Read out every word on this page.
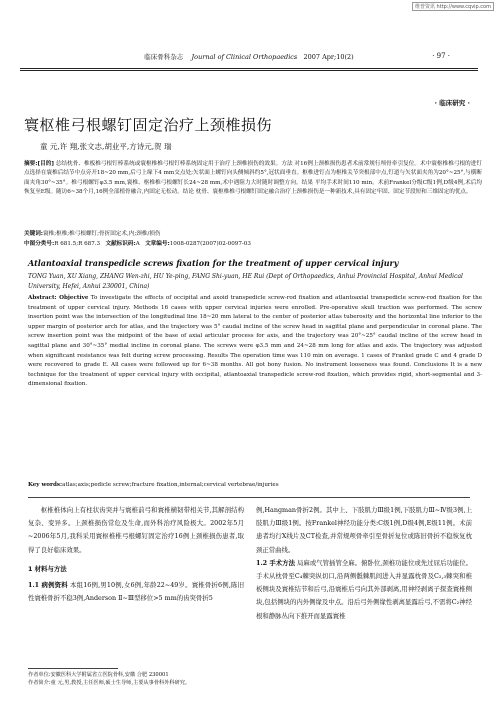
维普资讯 http://www.cqvip.com
临床骨科杂志 Journal of Clinical Orthopaedics 2007 Apr;10(2)	· 97 ·
· 临床研究 ·
寰枢椎弓根螺钉固定治疗上颈椎损伤
童 元,许 翔,张文志,胡业平,方诗元,贺 瑞
摘要:[目的] 总结枕骨、椎板椎弓根钉棒系统或寰枢椎椎弓根钉棒系统固定用于治疗上颈椎损伤的效果。方法 对16例上颈椎损伤患者术前常规行颅骨牵引复位。术中寰枢椎椎弓根的进钉点选择在寰椎后结节中点旁开18~20 mm,后弓上缘下4 mm交点处;矢状面上螺钉向头侧倾斜约5°,冠状面垂直。枢椎进钉点为枢椎关节突根部中点,钉道与矢状面夹角为20°~25°,与横断面夹角30°~35°。椎弓根螺钉φ3.5 mm,寰椎、枢椎椎弓根螺钉长24~28 mm,术中遇阻力大时随时调整方向。结果 平均手术时间110 min。术前Frankel分级C级1例,D级4例,术后均恢复至E级。随访6~38个月,16例全部植骨融合,内固定无松动。结论 枕骨、寰枢椎椎弓根螺钉固定融合治疗上颈椎损伤是一种新技术,具有固定牢固、固定节段短和三维固定的优点。
关键词:寰椎;枢椎;椎弓根螺钉;骨折固定术,内;颈椎/损伤
中图分类号:R 681.5;R 687.3 文献标识码:A 文章编号:1008-0287(2007)02-0097-03
Atlantoaxial transpedicle screws fixation for the treatment of upper cervical injury
TONG Yuan, XU Xiang, ZHANG Wen-zhi, HU Ye-ping, FANG Shi-yuan, HE Rui (Dept of Orthopaedics, Anhui Provincial Hospital, Anhui Medical University, Hefei, Anhui 230001, China)
Abstract: Objective To investigate the effects of occipital and axoid transpedicle screw-rod fixation and atlantoaxial transpedicle screw-rod fixation for the treatment of upper cervical injury. Methods 16 cases with upper cervical injuries were enrolled. Pre-operative skull traction was performed. The screw insertion point was the intersection of the longitudinal line 18~20 mm lateral to the center of posterior atlas tuberosity and the horizontal line inferior to the upper margin of posterior arch for atlas, and the trajectory was 5° caudal incline of the screw head in sagittal plane and perpendicular in coronal plane. The screw insertion point was the midpoint of the base of axial articular process for axis, and the trajectory was 20°~25° caudal incline of the screw head in sagittal plane and 30°~35° medial incline in coronal plane. The screws were φ3.5 mm and 24~28 mm long for atlas and axis. The trajectory was adjusted when significant resistance was felt during screw processing. Results The operation time was 110 min on average. 1 cases of Frankel grade C and 4 grade D were recovered to grade E. All cases were followed up for 6~38 months. All got bony fusion. No instrument looseness was found. Conclusions It is a new technique for the treatment of upper cervical injury with occipital, atlantoaxial transpedicle screw-rod fixation, which provides rigid, short-segmental and 3-dimensional fixation.
Key words:atlas;axis;pedicle screw;fracture fixation,internal;cervical vertebrae/injuries

枢椎椎体向上有柱状齿突并与寰椎前弓和寰椎横韧带相关节,其解剖结构复杂、变异多。上颈椎损伤常危及生命,而外科治疗风险极大。2002年5月~2006年5月,我科采用寰枢椎椎弓根螺钉固定治疗16例上颈椎损伤患者,取得了良好临床效果。

1 材料与方法

1.1 病例资料 本组16例,男10例,女6例,年龄22~49岁。寰椎骨折6例,陈旧性寰椎骨折不稳3例,Anderson Ⅱ~Ⅲ型移位>5 mm的齿突骨折5

作者单位:安徽医科大学附属省立医院骨科,安徽 合肥 230001
作者简介:童 元,男,教授,主任医师,硕士生导师,主要从事骨科外科研究。

例,Hangman骨折2例。其中上、下肢肌力Ⅲ级1例,下肢肌力Ⅲ~Ⅳ级3例,上肢肌力Ⅲ级1例。按Frankel神经功能分类:C级1例,D级4例,E级11例。术前患者均行X线片及CT检查,并常规颅骨牵引至骨折复位或陈旧骨折不稳恢复枕颈正常曲线。

1.2 手术方法 局麻或气管插管全麻。俯卧位,颈椎功能位或先过屈后功能位。手术从枕骨至C₄棘突纵切口,沿两侧骶棘肌间进入并显露枕骨及C₂,₃棘突和椎板侧块及寰椎结节和后弓,沿寰椎后弓向其外部剥离,用神经剥离子探查寰椎侧块,包括侧块的内外侧缘及中点。沿后弓外侧缘性剥离显露后弓,不需将C₂神经根和静脉丛向下推开而显露寰椎
